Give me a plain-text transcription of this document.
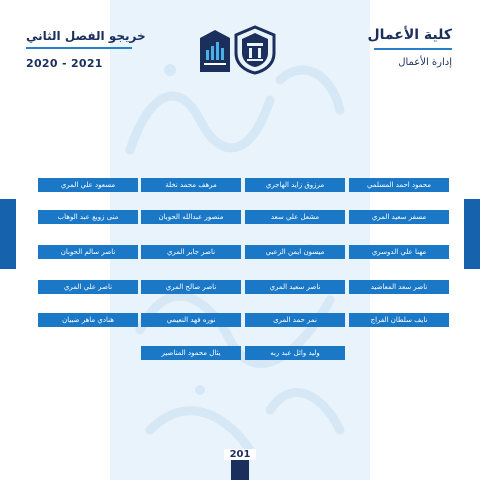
كلية الأعمال
إدارة الأعمال
خريجو الفصل الثاني
2020 - 2021
محمود احمد المسلمي
مرزوق زايد الهاجري
مرهف محمد نخلة
مسعود علي المري
مسفر سعيد المري
مشعل علي سعد
منصور عبدالله الحوبان
منى زويع عبد الوهاب
مهنا علي الدوسري
ميسون ايمن الزعبي
ناصر جابر المري
ناصر سالم الحوبان
ناصر سعد المعاضيد
ناصر سعيد المري
ناصر صالح المري
ناصر علي المري
نايف سلطان الفراج
نمر حمد المرى
نوره فهد النعيمي
هنادي ماهر ضبيان
وليد وائل عبد ربه
يثال محمود المناصير
201
